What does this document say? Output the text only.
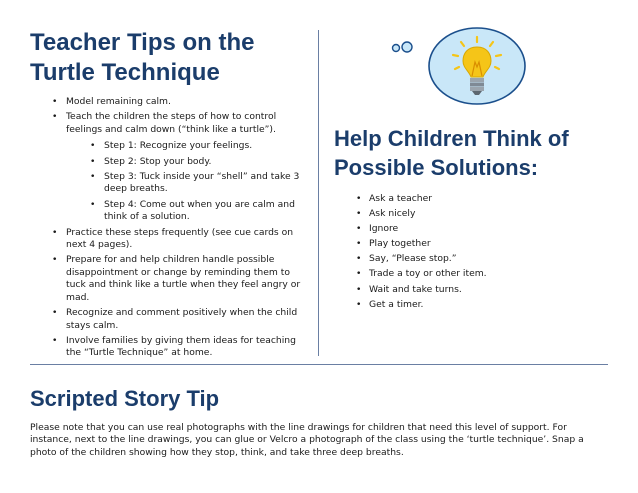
Teacher Tips on the
Turtle Technique
• Model remaining calm.
• Teach the children the steps of how to control feelings and calm down (“think like a turtle”).
• Step 1: Recognize your feelings.
• Step 2: Stop your body.
• Step 3: Tuck inside your “shell” and take 3 deep breaths.
• Step 4: Come out when you are calm and think of a solution.
• Practice these steps frequently (see cue cards on next 4 pages).
• Prepare for and help children handle possible disappointment or change by reminding them to tuck and think like a turtle when they feel angry or mad.
• Recognize and comment positively when the child stays calm.
• Involve families by giving them ideas for teaching the “Turtle Technique” at home.
Help Children Think of
Possible Solutions:
• Ask a teacher
• Ask nicely
• Ignore
• Play together
• Say, “Please stop.”
• Trade a toy or other item.
• Wait and take turns.
• Get a timer.
Scripted Story Tip

Please note that you can use real photographs with the line drawings for children that need this level of support. For instance, next to the line drawings, you can glue or Velcro a photograph of the class using the ‘turtle technique’. Snap a photo of the children showing how they stop, think, and take three deep breaths.
